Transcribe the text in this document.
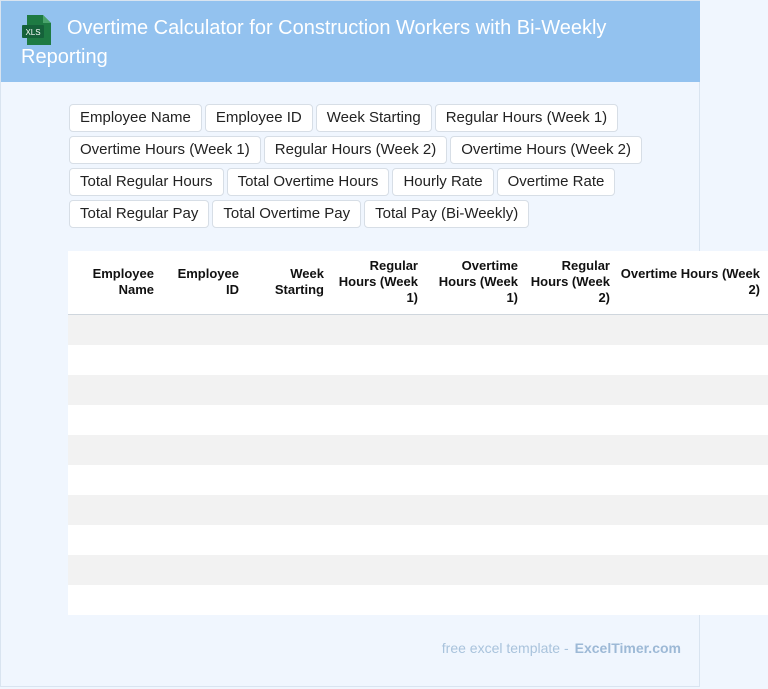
XLS	Overtime Calculator for Construction Workers with Bi-Weekly Reporting
Employee Name	Employee ID	Week Starting	Regular Hours (Week 1)
Overtime Hours (Week 1)	Regular Hours (Week 2)	Overtime Hours (Week 2)
Total Regular Hours	Total Overtime Hours	Hourly Rate	Overtime Rate
Total Regular Pay	Total Overtime Pay	Total Pay (Bi-Weekly)
Employee Name	Employee ID	Week Starting	Regular Hours (Week 1)	Overtime Hours (Week 1)	Regular Hours (Week 2)	Overtime Hours (Week 2)

free excel template - ExcelTimer.com
